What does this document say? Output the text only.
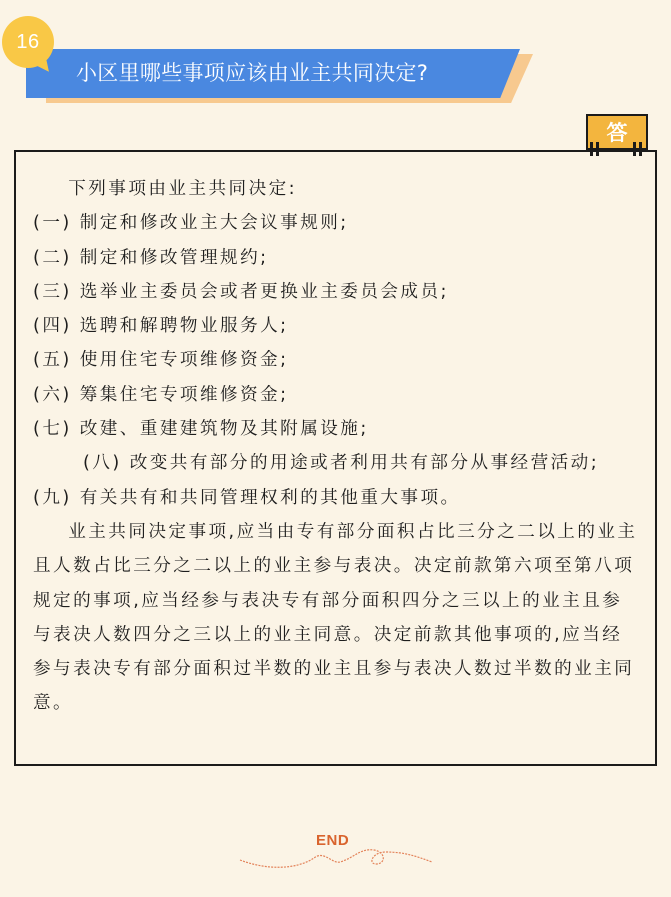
16
小区里哪些事项应该由业主共同决定?
答

下列事项由业主共同决定:

(一) 制定和修改业主大会议事规则;

(二) 制定和修改管理规约;

(三) 选举业主委员会或者更换业主委员会成员;

(四) 选聘和解聘物业服务人;

(五) 使用住宅专项维修资金;

(六) 筹集住宅专项维修资金;

(七) 改建、重建建筑物及其附属设施;

(八) 改变共有部分的用途或者利用共有部分从事经营活动;

(九) 有关共有和共同管理权利的其他重大事项。

业主共同决定事项,应当由专有部分面积占比三分之二以上的业主且人数占比三分之二以上的业主参与表决。决定前款第六项至第八项规定的事项,应当经参与表决专有部分面积四分之三以上的业主且参与表决人数四分之三以上的业主同意。决定前款其他事项的,应当经参与表决专有部分面积过半数的业主且参与表决人数过半数的业主同意。

END
